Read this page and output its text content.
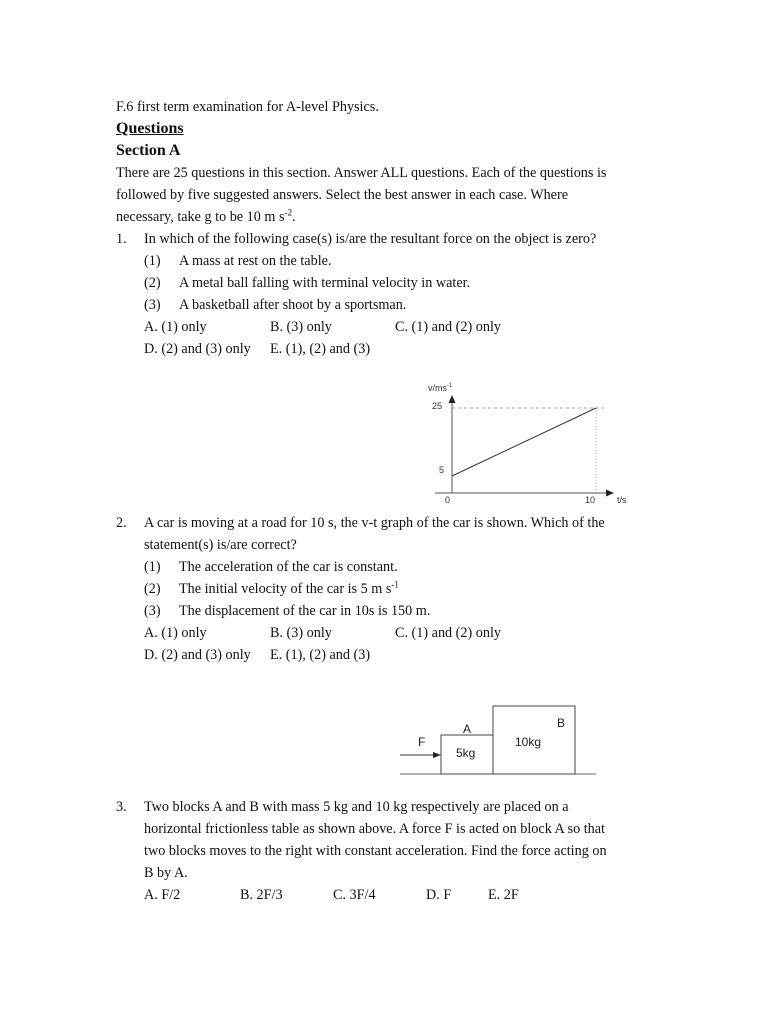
F.6 first term examination for A-level Physics.
Questions
Section A
There are 25 questions in this section. Answer ALL questions. Each of the questions is
followed by five suggested answers. Select the best answer in each case. Where
necessary, take g to be 10 m $s^{-2}$.
1. In which of the following case(s) is/are the resultant force on the object is zero?
(1) A mass at rest on the table.
(2) A metal ball falling with terminal velocity in water.
(3) A basketball after shoot by a sportsman.
A. (1) only	B. (3) only	C. (1) and (2) only
D. (2) and (3) only E. (1), (2) and (3)
$v/ms^{-1}$
25
5
0	10 t/s
2. A car is moving at a road for 10 s, the v-t graph of the car is shown. Which of the
statement(s) is/are correct?
(1) The acceleration of the car is constant.
(2) The initial velocity of the car is 5 m $s^{-1}$
(3) The displacement of the car in 10s is 150 m.
A. (1) only	B. (3) only	C. (1) and (2) only
D. (2) and (3) only E. (1), (2) and (3)
F
A	B
5kg
10kg
3. Two blocks A and B with mass 5 kg and 10 kg respectively are placed on a
horizontal frictionless table as shown above. A force F is acted on block A so that
two blocks moves to the right with constant acceleration. Find the force acting on
B by A.
A. F/2	B. 2F/3	C. 3F/4	D. F	E. 2F
